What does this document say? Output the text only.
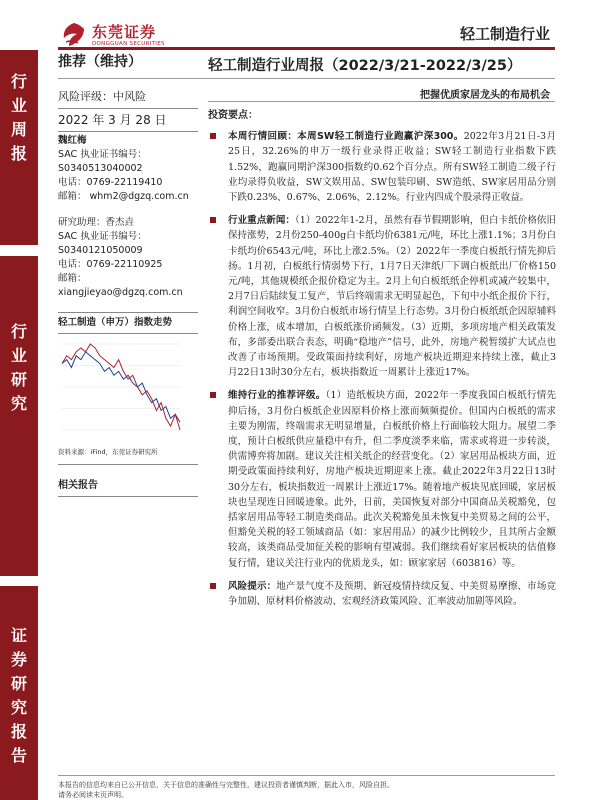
东莞证券
DONGGUAN SECURITIES
轻工制造行业
行
业
周
报
行
业
研
究
证
券
研
究
报
告
轻工制造行业周报（2022/3/21-2022/3/25）
把握优质家居龙头的布局机会
推荐（维持）
风险评级：中风险
2022 年 3 月 28 日
魏红梅
SAC 执业证书编号：
S0340513040002
电话：0769-22119410
邮箱： whm2@dgzq.com.cn
研究助理：香杰垚
SAC 执业证书编号：
S0340121050009
电话：0769-22110925
邮箱：
xiangjieyao@dgzq.com.cn
轻工制造（申万）指数走势
资料来源：iFind，东莞证券研究所
相关报告
投资要点：
本周行情回顾：本周SW轻工制造行业跑赢沪深300。2022年3月21日-3月25日，32.26%的申万一级行业录得正收益；SW轻工制造行业指数下跌1.52%，跑赢同期沪深300指数约0.62个百分点。所有SW轻工制造二级子行业均录得负收益，SW文娱用品、SW包装印刷、SW造纸、SW家居用品分别下跌0.23%、0.67%、2.06%、2.12%。行业内四成个股录得正收益。
行业重点新闻：（1）2022年1-2月，虽然有春节假期影响，但白卡纸价格依旧保持涨势，2月份250-400g白卡纸均价6381元/吨，环比上涨1.1%；3月份白卡纸均价6543元/吨，环比上涨2.5%。（2）2022年一季度白板纸行情先抑后扬。1月初，白板纸行情弱势下行，1月7日天津纸厂下调白板纸出厂价格150元/吨，其他规模纸企报价稳定为主。2月上旬白板纸纸企停机或减产较集中，2月7日后陆续复工复产，节后终端需求无明显起色，下旬中小纸企报价下行，利润空间收窄。3月份白板纸市场行情呈上行态势。3月份白板纸纸企因原辅料价格上涨，成本增加，白板纸涨价函频发。（3）近期，多项房地产相关政策发布，多部委出联合表态，明确“稳地产”信号，此外，房地产税暂缓扩大试点也改善了市场预期。受政策面持续利好，房地产板块近期迎来持续上涨，截止3月22日13时30分左右，板块指数近一周累计上涨近17%。
维持行业的推荐评级。（1）造纸板块方面，2022年一季度我国白板纸行情先抑后扬，3月份白板纸企业因原料价格上涨而频频提价。但国内白板纸的需求主要为刚需，终端需求无明显增量，白板纸价格上行面临较大阻力。展望二季度，预计白板纸供应量稳中有升，但二季度淡季来临，需求或将进一步转淡，供需博弈将加剧。建议关注相关纸企的经营变化。（2）家居用品板块方面，近期受政策面持续利好，房地产板块近期迎来上涨。截止2022年3月22日13时30分左右，板块指数近一周累计上涨近17%。随着地产板块见底回暖，家居板块也呈现连日回暖迹象。此外，日前，美国恢复对部分中国商品关税豁免，包括家居用品等轻工制造类商品。此次关税豁免虽未恢复中美贸易之间的公平，但豁免关税的轻工领域商品（如：家居用品）的减少比例较少，且其所占金额较高，该类商品受加征关税的影响有望减弱。我们继续看好家居板块的估值修复行情，建议关注行业内的优质龙头，如：顾家家居（603816）等。
风险提示：地产景气度不及预期、新冠疫情持续反复、中美贸易摩擦、市场竞争加剧、原材料价格波动、宏观经济政策风险、汇率波动加剧等风险。
本报告的信息均来自已公开信息，关于信息的准确性与完整性，建议投资者谨慎判断，据此入市，风险自担。
请务必阅读末页声明。
